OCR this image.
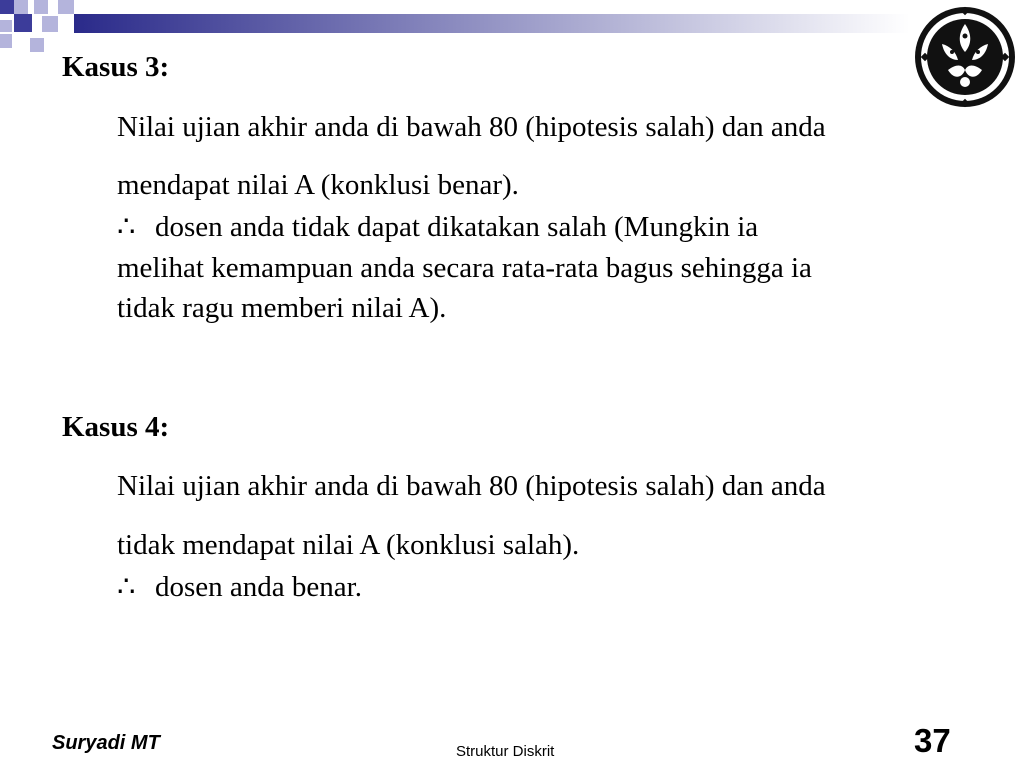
Kasus 3:
Nilai ujian akhir anda di bawah 80 (hipotesis salah) dan anda
mendapat nilai A (konklusi benar).
∴ dosen anda tidak dapat dikatakan salah (Mungkin ia
melihat kemampuan anda secara rata-rata bagus sehingga ia
tidak ragu memberi nilai A).
Kasus 4:
Nilai ujian akhir anda di bawah 80 (hipotesis salah) dan anda
tidak mendapat nilai A (konklusi salah).
∴ dosen anda benar.
Suryadi MT	Struktur Diskrit	37
